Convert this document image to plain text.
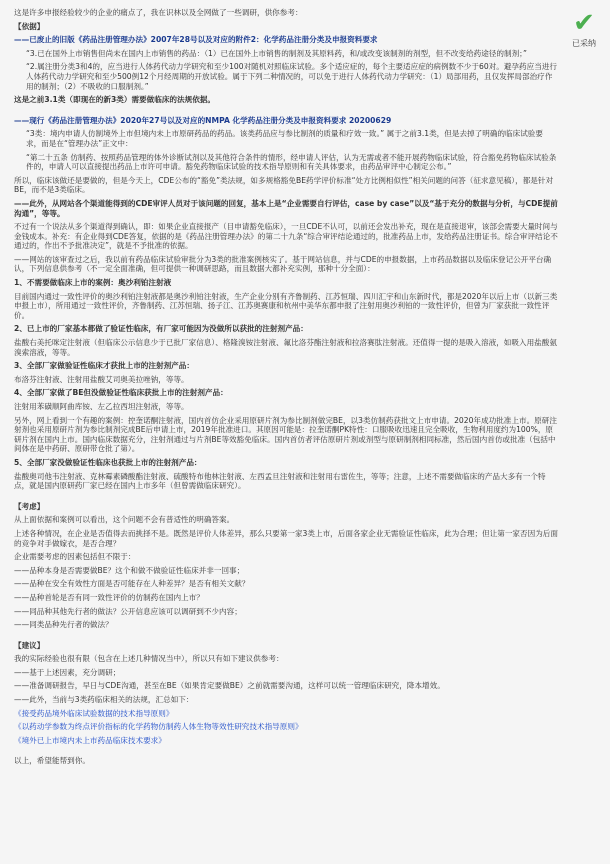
✔
已采纳

这是许多申报经验较少的企业的痛点了，我在识林以及全网做了一些调研，供你参考：

【依据】

——已废止的旧版《药品注册管理办法》2007年28号以及对应的附件2：化学药品注册分类及申报资料要求

“3.已在国外上市销售但尚未在国内上市销售的药品：（1）已在国外上市销售的制剂及其原料药，和/或改变该制剂的剂型，但不改变给药途径的制剂；”

“2.属注册分类3和4的，应当进行人体药代动力学研究和至少100对随机对照临床试验。多个适应症的，每个主要适应症的病例数不少于60对。避孕药应当进行人体药代动力学研究和至少500例12个月经周期的开放试验。属于下列二种情况的，可以免于进行人体药代动力学研究：（1）局部用药，且仅发挥局部治疗作用的制剂；（2）不吸收的口服制剂。”

这是之前3.1类（即现在的新3类）需要做临床的法规依据。

——现行《药品注册管理办法》2020年27号以及对应的NMPA 化学药品注册分类及申报资料要求 20200629

“3类：境内申请人仿制境外上市但境内未上市原研药品的药品。该类药品应与参比制剂的质量和疗效一致。” 属于之前3.1类，但是去掉了明确的临床试验要求，而是在“管理办法”正文中：

“第二十五条 仿制药、按照药品管理的体外诊断试剂以及其他符合条件的情形，经申请人评估，认为无需或者不能开展药物临床试验，符合豁免药物临床试验条件的，申请人可以直接提出药品上市许可申请。豁免药物临床试验的技术指导原则和有关具体要求，由药品审评中心制定公布。”

所以，临床该做还是要做的，但是今天上，CDE公布的“豁免”类法规，如多规格豁免BE药学评价标准“处方比例相似性”相关问题的问答（征求意见稿），都是针对BE，而不是3类临床。

——此外，从网站各个渠道能得到的CDE审评人员对于该问题的回复，基本上是“企业需要自行评估，case by case”以及“基于充分的数据与分析，与CDE提前沟通”，等等。

不过有一个说法从多个渠道得到确认，即：如果企业直接报产（目申请豁免临床），一旦CDE不认可，以前还会发出补充，现在是直接退审，该部会需要大量时间与金钱成本。补充：有企业得到CDE答复，依据的是《药品注册管理办法》的第二十九条“综合审评结论通过的，批准药品上市，发给药品注册证书。综合审评结论不通过的，作出不予批准决定”，就是不予批准的依据。

——网站的该审查过之后，我以前有药品临床试验审批分为3类的批准案例核实了。基于网站信息，并与CDE的申报数据，上市药品数据以及临床登记公开平台确认，下列信息供参考（不一定全面准确，但可提供一种调研思路，而且数据大都补充实例，那种十分全面）：

1、不需要做临床上市的案例：奥沙利铂注射液

目前国内通过一致性评价的奥沙利铂注射液都是奥沙利铂注射液，生产企业分别有齐鲁制药、江苏恒瑞、四川汇宇和山东新时代，都是2020年以后上市（以新三类申报上市），所用通过一致性评价，齐鲁制药、江苏恒瑞、扬子江、江苏奥赛康和杭州中美华东都申报了注射用奥沙利铂的一致性评价，但曾为厂家获批一致性评价。

2、已上市的厂家基本都做了验证性临床，有厂家可能因为没做所以获批的注射剂产品：

盐酸右美托咪定注射液（但临床公示信息少于已批厂家信息）、格隆溴铵注射液、氟比洛芬酯注射液和拉洛赛肽注射液。还值得一提的是吸入溶液，如吸入用盐酸氨溴索溶液，等等。

3、全部厂家做验证性临床才获批上市的注射剂产品：

布洛芬注射液、注射用盐酸艾司奥美拉唑钠，等等。

4、全部厂家做了BE但没做验证性临床获批上市的注射剂产品：

注射用苯磺顺阿曲库铵、左乙拉西坦注射液，等等。

另外，网上看到一个有趣的案例：控奎诺酮注射液，国内首仿企业采用原研片剂为参比制剂做完BE，以3类仿制药获批文上市申请。2020年成功批准上市。原研注射剂也采用原研片剂为参比制剂完成BE后申请上市，2019年批准进口。其原因可能是：拉奎诺酮PK特性：口服吸收迅速且完全吸收，生物利用度约为100%，原研片剂在国内上市。国内临床数据充分，注射剂通过与片剂BE等效豁免临床。国内首仿者评估原研片剂或剂型与原研制剂相同标准，然后国内首仿或批准（包括中间体在是中药研、原研带仓批了第）。

5、全部厂家没做验证性临床也获批上市的注射剂产品：

盐酸奥司他韦注射液、克林霉素磷酸酯注射液、硫酸特布他林注射液、左西孟旦注射液和注射用右雷佐生，等等；注意，上述不需要做临床的产品大多有一个特点，就是国内原研药厂家已经在国内上市多年（但曾需做临床研究）。

【考虑】

从上面依据和案例可以看出，这个问题不会有普适性的明确答案。

上述各种情况，在企业是否值得去而挑择不是。既然是评价人体差异，那么只要第一家3类上市，后面各家企业无需验证性临床，此为合理；但让第一家否因为后面的竞争对手做嫁衣，是否合理？

企业需要考虑的因素包括但不限于：

——品种本身是否需要做BE？这个和做不做验证性临床并非一回事；

——品种在安全有效性方面是否可能存在人种差异？是否有相关文献？

——品种首轮是否有同一致性评价的仿制药在国内上市？

——同品种其他先行者的做法？公开信息应该可以调研到不少内容；

——同类品种先行者的做法？

【建议】

我的实际经验也很有限（包含在上述几种情况当中），所以只有如下建议供参考：

——基于上述因素，充分调研；

——准备调研报告，早日与CDE沟通，甚至在BE（如果肯定要做BE）之前就需要沟通，这样可以统一管理临床研究，降本增效。

——此外，当前与3类药临床相关的法规，汇总如下：

《接受药品境外临床试验数据的技术指导原则》

《以药动学参数为终点评价指标的化学药物仿制药人体生物等效性研究技术指导原则》

《境外已上市境内未上市药品临床技术要求》

以上，希望能帮到你。
